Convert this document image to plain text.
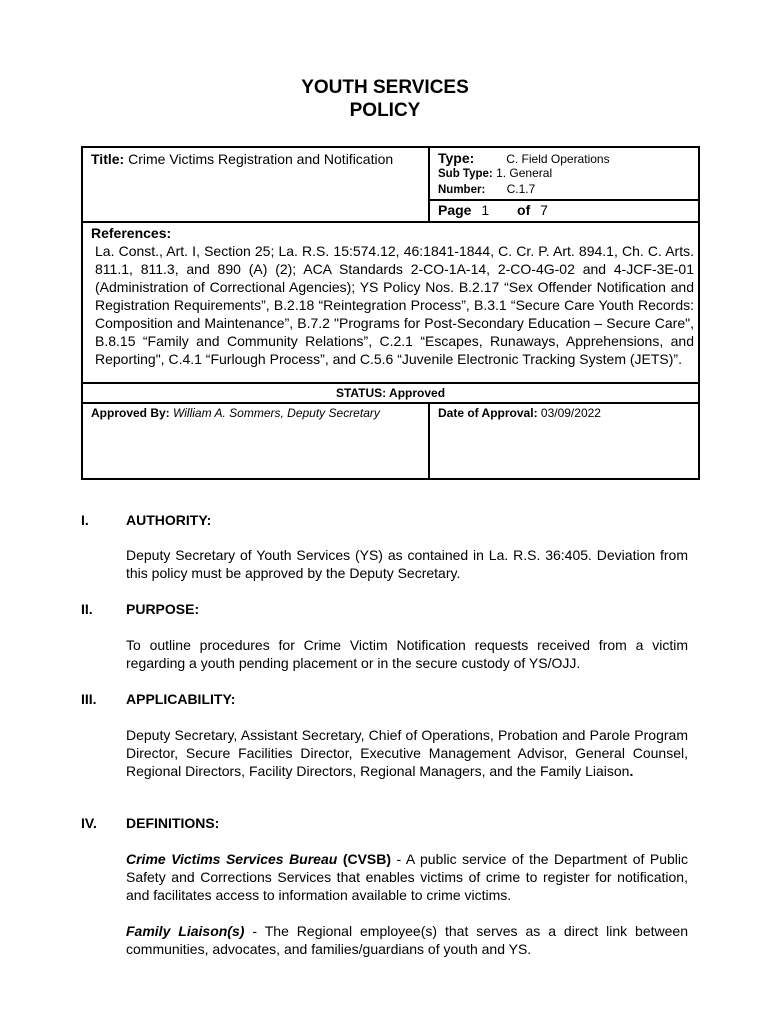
YOUTH SERVICES
POLICY
Title: Crime Victims Registration and Notification	Type:	C. Field Operations
Sub Type: 1. General
Number: C.1.7
Page 1 of 7
References:
La. Const., Art. I, Section 25; La. R.S. 15:574.12, 46:1841-1844, C. Cr. P. Art. 894.1, Ch. C. Arts. 811.1, 811.3, and 890 (A) (2); ACA Standards 2-CO-1A-14, 2-CO-4G-02 and 4-JCF-3E-01 (Administration of Correctional Agencies); YS Policy Nos. B.2.17 “Sex Offender Notification and Registration Requirements”, B.2.18 “Reintegration Process”, B.3.1 “Secure Care Youth Records: Composition and Maintenance”, B.7.2 "Programs for Post-Secondary Education – Secure Care", B.8.15 “Family and Community Relations”, C.2.1 “Escapes, Runaways, Apprehensions, and Reporting", C.4.1 “Furlough Process”, and C.5.6 “Juvenile Electronic Tracking System (JETS)”.
STATUS: Approved
Approved By: William A. Sommers, Deputy Secretary	Date of Approval: 03/09/2022
I.	AUTHORITY:
Deputy Secretary of Youth Services (YS) as contained in La. R.S. 36:405. Deviation from this policy must be approved by the Deputy Secretary.
II. PURPOSE:
To outline procedures for Crime Victim Notification requests received from a victim regarding a youth pending placement or in the secure custody of YS/OJJ.
III. APPLICABILITY:
Deputy Secretary, Assistant Secretary, Chief of Operations, Probation and Parole Program Director, Secure Facilities Director, Executive Management Advisor, General Counsel, Regional Directors, Facility Directors, Regional Managers, and the Family Liaison.
IV. DEFINITIONS:
Crime Victims Services Bureau (CVSB) - A public service of the Department of Public Safety and Corrections Services that enables victims of crime to register for notification, and facilitates access to information available to crime victims.
Family Liaison(s) - The Regional employee(s) that serves as a direct link between communities, advocates, and families/guardians of youth and YS.
